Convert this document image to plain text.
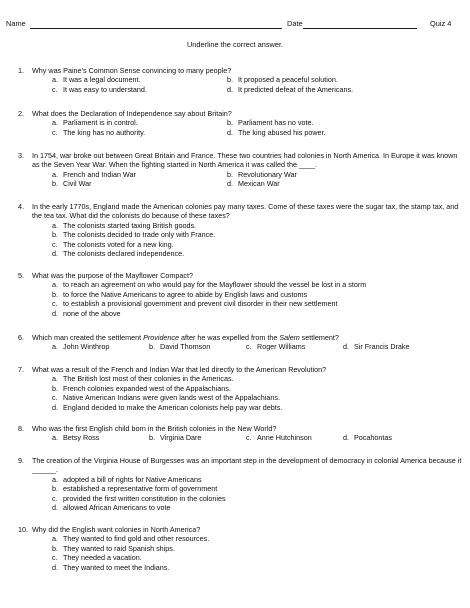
Name	Date	Quiz 4
Underline the correct answer.
1.	Why was Paine’s Common Sense convincing to many people?
a. It was a legal document.	b. It proposed a peaceful solution.
c. It was easy to understand.	d. It predicted defeat of the Americans.
2.	What does the Declaration of Independence say about Britain?
a. Parliament is in control.	b. Parliament has no vote.
c. The king has no authority.	d. The king abused his power.
3.	In 1754, war broke out between Great Britain and France. These two countries had colonies in North America. In Europe it was known as the Seven Year War. When the fighting started in North America it was called the ____.
a. French and Indian War	b. Revolutionary War
b. Civil War	d. Mexican War
4.	In the early 1770s, England made the American colonies pay many taxes. Come of these taxes were the sugar tax, the stamp tax, and the tea tax. What did the colonists do because of these taxes?
a. The colonists started taxing British goods.
b. The colonists decided to trade only with France.
c. The colonists voted for a new king.
d. The colonists declared independence.
5.	What was the purpose of the Mayflower Compact?
a. to reach an agreement on who would pay for the Mayflower should the vessel be lost in a storm
b. to force the Native Americans to agree to abide by English laws and customs
c. to establish a provisional government and prevent civil disorder in their new settlement
d. none of the above
6.	Which man created the settlement Providence after he was expelled from the Salem settlement?
a. John Winthrop	b. David Thomson	c. Roger Williams	d. Sir Francis Drake
7.	What was a result of the French and Indian War that led directly to the American Revolution?
a. The British lost most of their colonies in the Americas.
b. French colonies expanded west of the Appalachians.
c. Native American Indians were given lands west of the Appalachians.
d. England decided to make the American colonists help pay war debts.
8.	Who was the first English child born in the British colonies in the New World?
a. Betsy Ross	b. Virginia Dare	c. Anne Hutchinson	d. Pocahontas
9.	The creation of the Virginia House of Burgesses was an important step in the development of democracy in colonial America because it ______.
a. adopted a bill of rights for Native Americans
b. established a representative form of government
c. provided the first written constitution in the colonies
d. allowed African Americans to vote
10. Why did the English want colonies in North America?
a. They wanted to find gold and other resources.
b. They wanted to raid Spanish ships.
c. They needed a vacation.
d. They wanted to meet the Indians.
